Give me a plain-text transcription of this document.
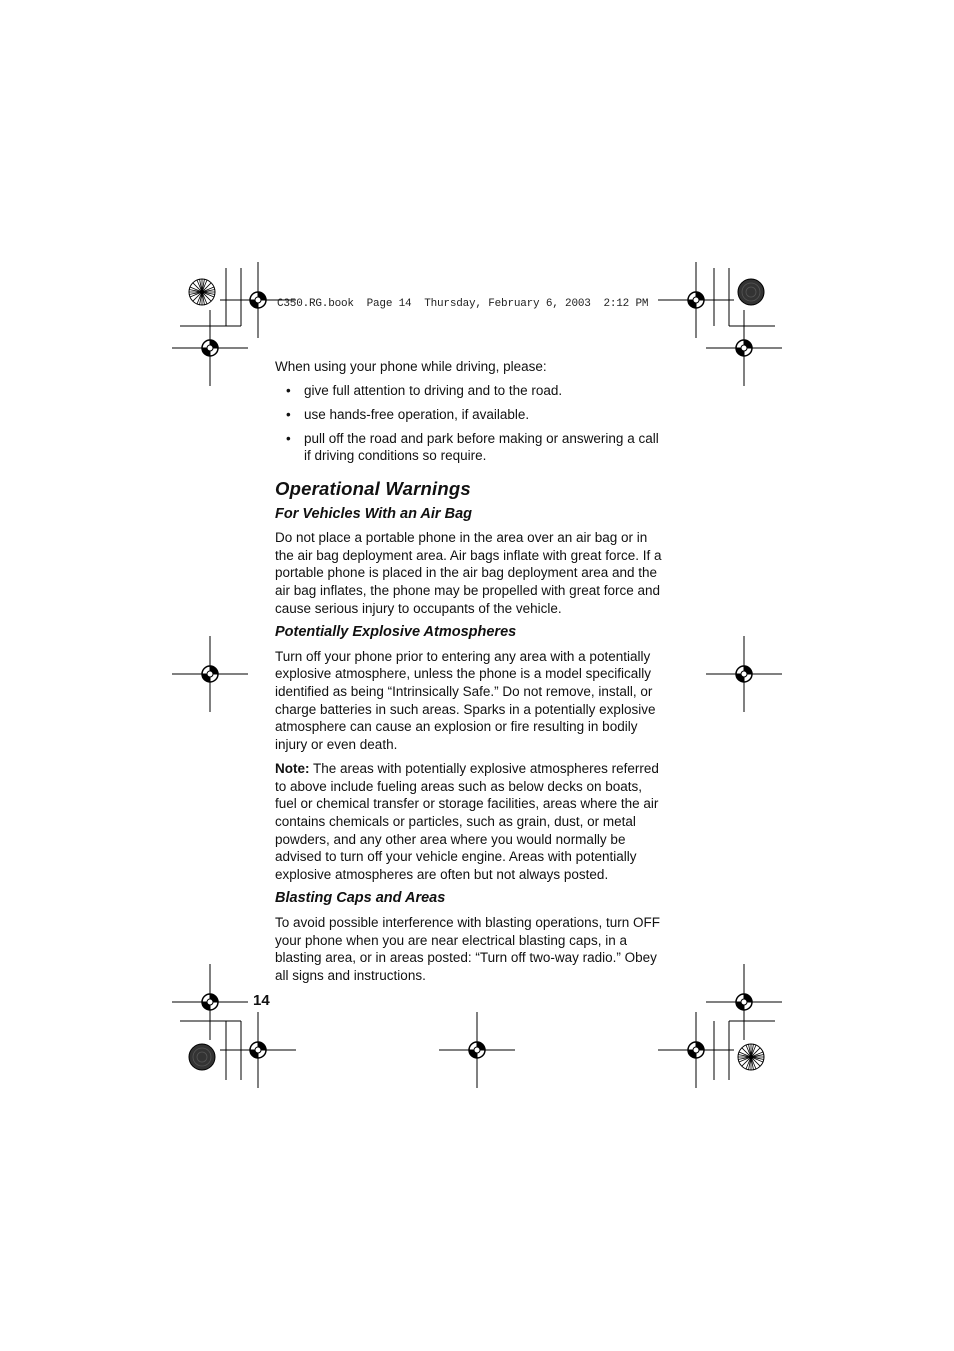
C350.RG.book  Page 14  Thursday, February 6, 2003  2:12 PM

When using your phone while driving, please:

• give full attention to driving and to the road.
• use hands-free operation, if available.
• pull off the road and park before making or answering a call if driving conditions so require.
Operational Warnings
For Vehicles With an Air Bag

Do not place a portable phone in the area over an air bag or in the air bag deployment area. Air bags inflate with great force. If a portable phone is placed in the air bag deployment area and the air bag inflates, the phone may be propelled with great force and cause serious injury to occupants of the vehicle.

Potentially Explosive Atmospheres

Turn off your phone prior to entering any area with a potentially explosive atmosphere, unless the phone is a model specifically identified as being “Intrinsically Safe.” Do not remove, install, or charge batteries in such areas. Sparks in a potentially explosive atmosphere can cause an explosion or fire resulting in bodily injury or even death.

Note: The areas with potentially explosive atmospheres referred to above include fueling areas such as below decks on boats, fuel or chemical transfer or storage facilities, areas where the air contains chemicals or particles, such as grain, dust, or metal powders, and any other area where you would normally be advised to turn off your vehicle engine. Areas with potentially explosive atmospheres are often but not always posted.

Blasting Caps and Areas

To avoid possible interference with blasting operations, turn OFF your phone when you are near electrical blasting caps, in a blasting area, or in areas posted: “Turn off two-way radio.” Obey all signs and instructions.

14
